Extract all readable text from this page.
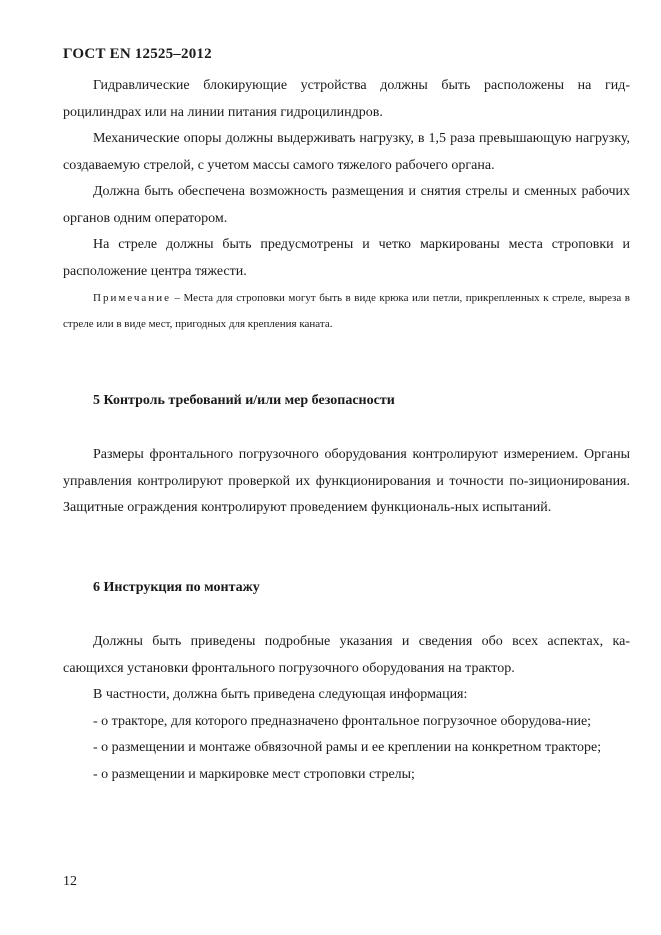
ГОСТ EN 12525–2012

Гидравлические блокирующие устройства должны быть расположены на гид-роцилиндрах или на линии питания гидроцилиндров.

Механические опоры должны выдерживать нагрузку, в 1,5 раза превышающую нагрузку, создаваемую стрелой, с учетом массы самого тяжелого рабочего органа.

Должна быть обеспечена возможность размещения и снятия стрелы и сменных рабочих органов одним оператором.

На стреле должны быть предусмотрены и четко маркированы места строповки и расположение центра тяжести.

Примечание – Места для строповки могут быть в виде крюка или петли, прикрепленных к стреле, выреза в стреле или в виде мест, пригодных для крепления каната.

5 Контроль требований и/или мер безопасности

Размеры фронтального погрузочного оборудования контролируют измерением. Органы управления контролируют проверкой их функционирования и точности по-зиционирования. Защитные ограждения контролируют проведением функциональ-ных испытаний.

6 Инструкция по монтажу

Должны быть приведены подробные указания и сведения обо всех аспектах, ка-сающихся установки фронтального погрузочного оборудования на трактор.

В частности, должна быть приведена следующая информация:

- о тракторе, для которого предназначено фронтальное погрузочное оборудова-ние;

- о размещении и монтаже обвязочной рамы и ее креплении на конкретном тракторе;

- о размещении и маркировке мест строповки стрелы;

12
